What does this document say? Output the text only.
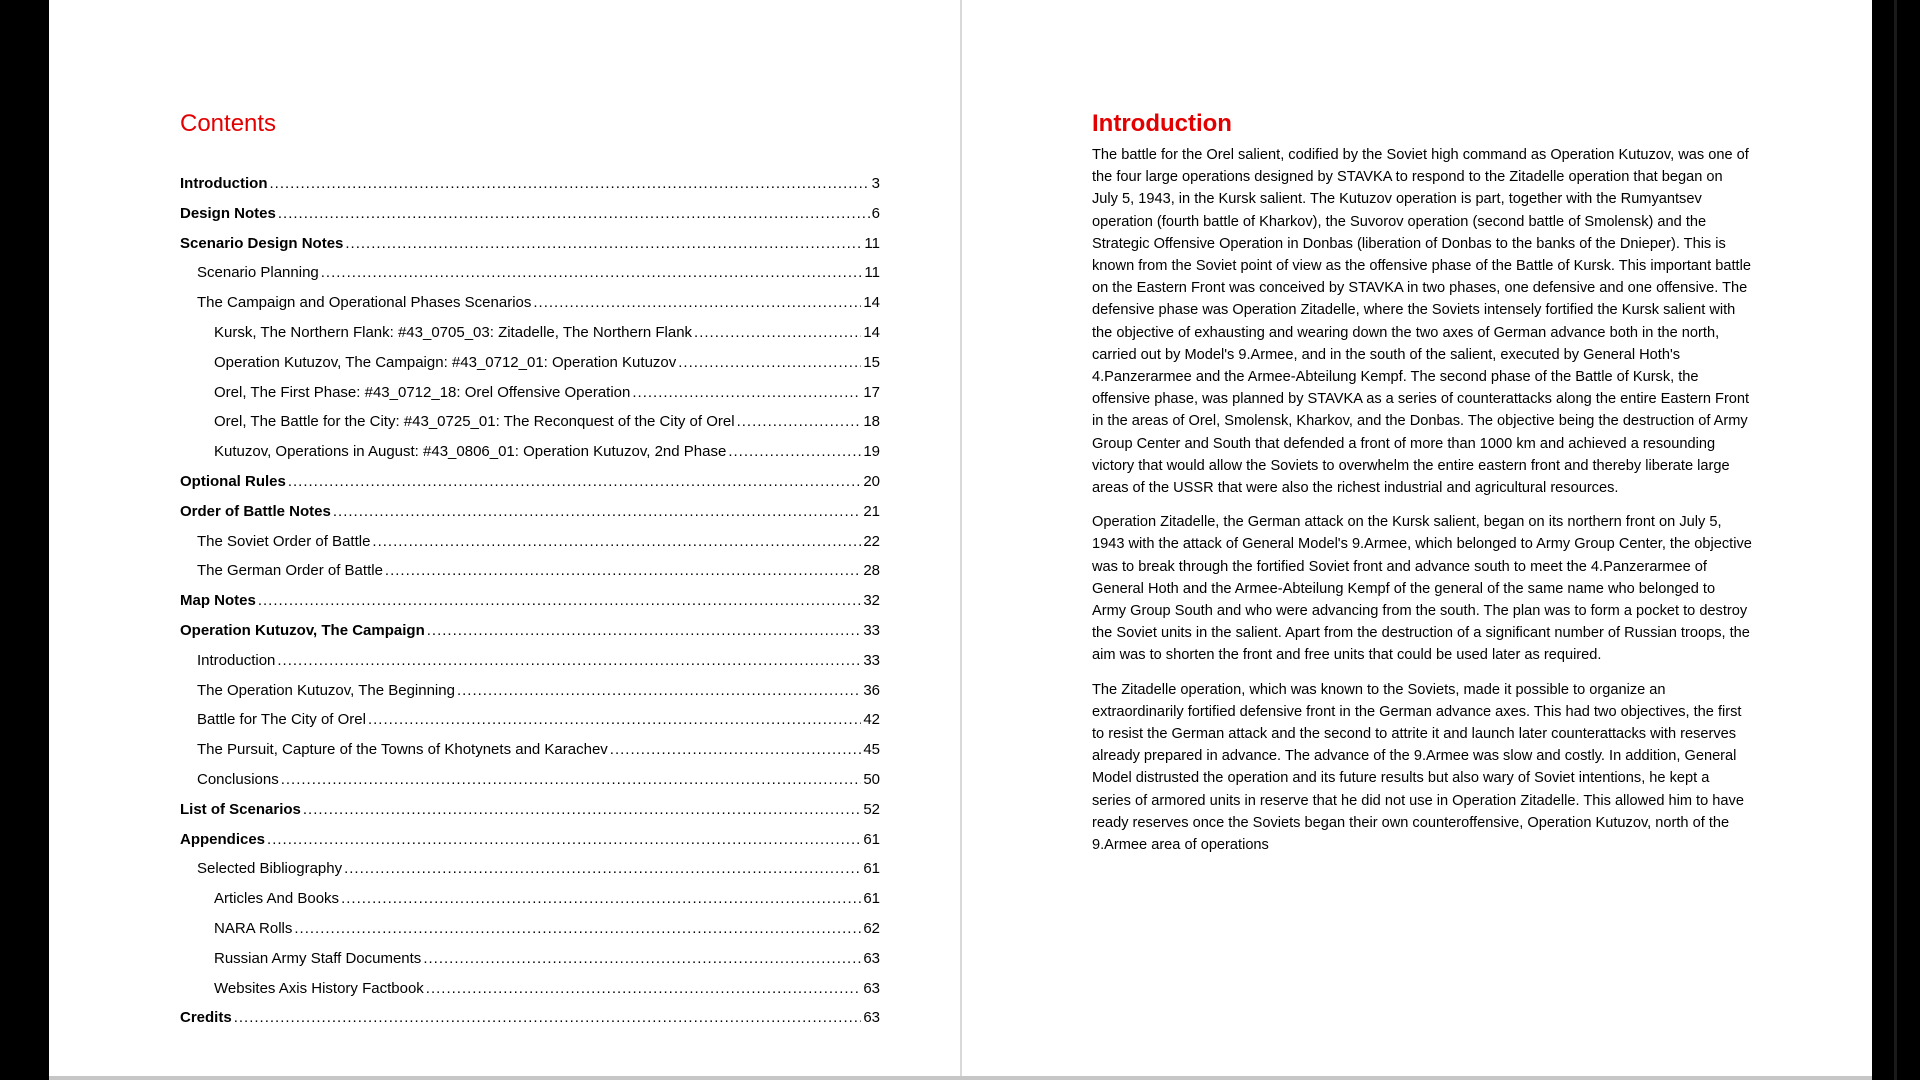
Contents
Introduction .....	3
Design Notes .....	6
Scenario Design Notes .....	11
Scenario Planning .....	11
The Campaign and Operational Phases Scenarios .....	14
Kursk, The Northern Flank: #43_0705_03: Zitadelle, The Northern Flank .....	14
Operation Kutuzov, The Campaign: #43_0712_01: Operation Kutuzov .....	15
Orel, The First Phase: #43_0712_18: Orel Offensive Operation .....	17
Orel, The Battle for the City: #43_0725_01: The Reconquest of the City of Orel .....	18
Kutuzov, Operations in August: #43_0806_01: Operation Kutuzov, 2nd Phase .....	19
Optional Rules .....	20
Order of Battle Notes .....	21
The Soviet Order of Battle .....	22
The German Order of Battle .....	28
Map Notes .....	32
Operation Kutuzov, The Campaign .....	33
Introduction .....	33
The Operation Kutuzov, The Beginning .....	36
Battle for The City of Orel .....	42
The Pursuit, Capture of the Towns of Khotynets and Karachev .....	45
Conclusions .....	50
List of Scenarios .....	52
Appendices .....	61
Selected Bibliography .....	61
Articles And Books .....	61
NARA Rolls .....	62
Russian Army Staff Documents .....	63
Websites Axis History Factbook .....	63
Credits .....	63
Introduction

The battle for the Orel salient, codified by the Soviet high command as Operation Kutuzov, was one of the four large operations designed by STAVKA to respond to the Zitadelle operation that began on July 5, 1943, in the Kursk salient. The Kutuzov operation is part, together with the Rumyantsev operation (fourth battle of Kharkov), the Suvorov operation (second battle of Smolensk) and the Strategic Offensive Operation in Donbas (liberation of Donbas to the banks of the Dnieper). This is known from the Soviet point of view as the offensive phase of the Battle of Kursk. This important battle on the Eastern Front was conceived by STAVKA in two phases, one defensive and one offensive. The defensive phase was Operation Zitadelle, where the Soviets intensely fortified the Kursk salient with the objective of exhausting and wearing down the two axes of German advance both in the north, carried out by Model's 9.Armee, and in the south of the salient, executed by General Hoth's 4.Panzerarmee and the Armee-Abteilung Kempf. The second phase of the Battle of Kursk, the offensive phase, was planned by STAVKA as a series of counterattacks along the entire Eastern Front in the areas of Orel, Smolensk, Kharkov, and the Donbas. The objective being the destruction of Army Group Center and South that defended a front of more than 1000 km and achieved a resounding victory that would allow the Soviets to overwhelm the entire eastern front and thereby liberate large areas of the USSR that were also the richest industrial and agricultural resources.

Operation Zitadelle, the German attack on the Kursk salient, began on its northern front on July 5, 1943 with the attack of General Model's 9.Armee, which belonged to Army Group Center, the objective was to break through the fortified Soviet front and advance south to meet the 4.Panzerarmee of General Hoth and the Armee-Abteilung Kempf of the general of the same name who belonged to Army Group South and who were advancing from the south. The plan was to form a pocket to destroy the Soviet units in the salient. Apart from the destruction of a significant number of Russian troops, the aim was to shorten the front and free units that could be used later as required.

The Zitadelle operation, which was known to the Soviets, made it possible to organize an extraordinarily fortified defensive front in the German advance axes. This had two objectives, the first to resist the German attack and the second to attrite it and launch later counterattacks with reserves already prepared in advance. The advance of the 9.Armee was slow and costly. In addition, General Model distrusted the operation and its future results but also wary of Soviet intentions, he kept a series of armored units in reserve that he did not use in Operation Zitadelle. This allowed him to have ready reserves once the Soviets began their own counteroffensive, Operation Kutuzov, north of the 9.Armee area of operations
